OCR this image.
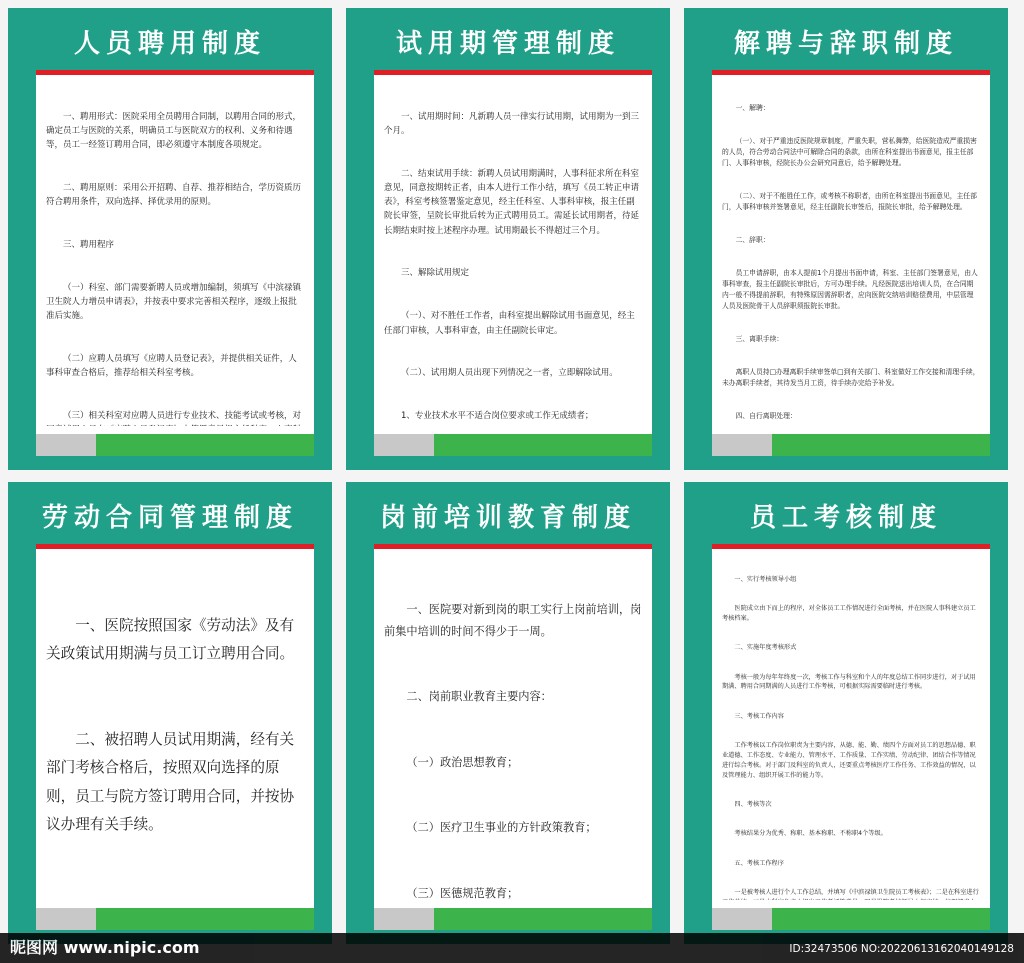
人员聘用制度

一、聘用形式：医院采用全员聘用合同制，以聘用合同的形式，确定员工与医院的关系，明确员工与医院双方的权利、义务和待遇等，员工一经签订聘用合同，即必须遵守本制度各项规定。

二、聘用原则：采用公开招聘、自荐、推荐相结合，学历资质历符合聘用条件，双向选择、择优录用的原则。

三、聘用程序

（一）科室、部门需要新聘人员或增加编制，须填写《中滨禄镇卫生院人力增员申请表》，并按表中要求完善相关程序，逐级上报批准后实施。

（二）应聘人员填写《应聘人员登记表》，并提供相关证件，人事科审查合格后，推荐给相关科室考核。

（三）相关科室对应聘人员进行专业技术、技能考试或考核，对

试用期管理制度

一、试用期时间：凡新聘人员一律实行试用期，试用期为一到三个月。

二、结束试用手续：新聘人员试用期满时，人事科征求所在科室意见，同意按期转正者，由本人进行工作小结，填写《员工转正申请表》，科室考核签署鉴定意见，经主任科室、人事科审核，报主任副院长审签，呈院长审批后转为正式聘用员工。需延长试用期者，待延长期结束时按上述程序办理。试用期最长不得超过三个月。

三、解除试用规定

（一）、对不胜任工作者，由科室提出解除试用书面意见，经主任部门审核，人事科审查，由主任副院长审定。

（二）、试用期人员出现下列情况之一者，立即解除试用。

1、专业技术水平不适合岗位要求或工作无成绩者；

解聘与辞职制度

一、解聘：

（一）、对于严重违反医院规章制度，严重失职，营私舞弊，给医院造成严重损害的人员，符合劳动合同法中可解除合同的条款，由所在科室提出书面意见，报主任部门、人事科审核，经院长办公会研究同意后，给予解聘处理。

（二）、对于不能胜任工作，或考核不称职者，由所在科室提出书面意见，主任部门，人事科审核并签署意见，经主任副院长审签后，报院长审批，给予解聘处理。

二、辞职：

员工申请辞职，由本人提前1个月提出书面申请，科室、主任部门签署意见，由人事科审查，报主任副院长审批后，方可办理手续。凡经医院送出培训人员，在合同期内一般不得提前辞职，有特殊原因需辞职者，应向医院交纳培训赔偿费用，中层管理人员及医院骨干人员辞职须报院长审批。

三、离职手续：

离职人员持□办理离职手续审签单□到有关部门、科室做好工作交接和清理手续，未办离职手续者，其待发当月工资，待手续办完给予补发。

四、自行离职处理：

劳动合同管理制度

一、医院按照国家《劳动法》及有关政策试用期满与员工订立聘用合同。

二、被招聘人员试用期满，经有关部门考核合格后，按照双向选择的原则，员工与院方签订聘用合同，并按协议办理有关手续。

岗前培训教育制度

一、医院要对新到岗的职工实行上岗前培训，岗前集中培训的时间不得少于一周。

二、岗前职业教育主要内容：

（一）政治思想教育；

（二）医疗卫生事业的方针政策教育；

（三）医德规范教育；

员工考核制度

一、实行考核领导小组

医院成立由下而上的程序，对全体员工工作情况进行全面考核，并在医院人事科建立员工考核档案。

二、实施年度考核形式

考核一般为每年年终度一次，考核工作与科室和个人的年度总结工作同步进行，对于试用期满、聘用合同期满的人员进行工作考核，可根据实际需要临时进行考核。

三、考核工作内容

工作考核以工作岗位职责为主要内容，从德、能、勤、绩四个方面对员工的思想品德、职业道德、工作态度、专业能力、管理水平、工作质量、工作实绩、劳动纪律、团结合作等情况进行综合考核。对于部门及科室的负责人，还要重点考核医疗工作任务、工作效益的情况，以及管理能力、组织开展工作的能力等。

四、考核等次

考核结果分为优秀、称职、基本称职、不称职4个等级。

五、考核工作程序

一是被考核人进行个人工作总结，并填写《中滨禄镇卫生院员工考核表》；二是在科室进行

昵图网 www.nipic.com	ID:32473506 NO:20220613162040149128
